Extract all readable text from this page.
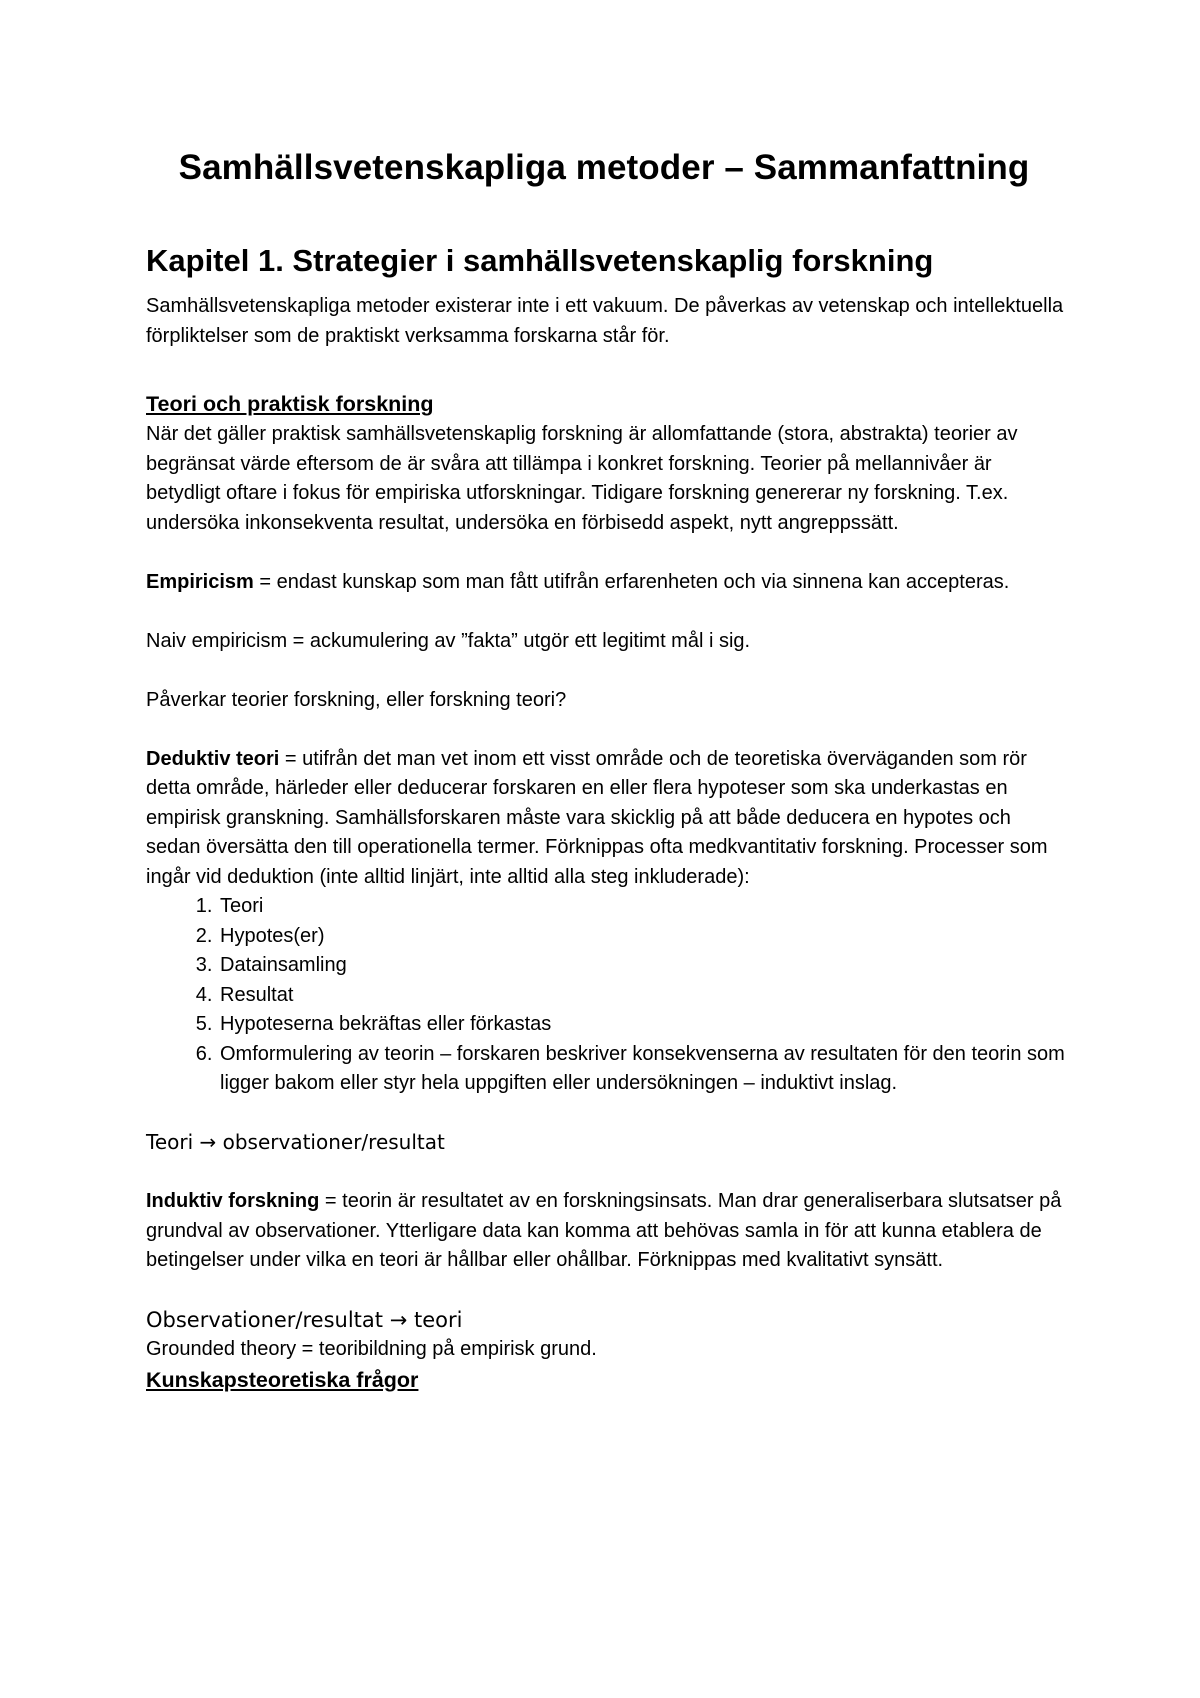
Samhällsvetenskapliga metoder – Sammanfattning
Kapitel 1. Strategier i samhällsvetenskaplig forskning

Samhällsvetenskapliga metoder existerar inte i ett vakuum. De påverkas av vetenskap och intellektuella förpliktelser som de praktiskt verksamma forskarna står för.

Teori och praktisk forskning

När det gäller praktisk samhällsvetenskaplig forskning är allomfattande (stora, abstrakta) teorier av begränsat värde eftersom de är svåra att tillämpa i konkret forskning. Teorier på mellannivåer är betydligt oftare i fokus för empiriska utforskningar. Tidigare forskning genererar ny forskning. T.ex. undersöka inkonsekventa resultat, undersöka en förbisedd aspekt, nytt angreppssätt.

Empiricism = endast kunskap som man fått utifrån erfarenheten och via sinnena kan accepteras.

Naiv empiricism = ackumulering av ”fakta” utgör ett legitimt mål i sig.

Påverkar teorier forskning, eller forskning teori?

Deduktiv teori = utifrån det man vet inom ett visst område och de teoretiska överväganden som rör detta område, härleder eller deducerar forskaren en eller flera hypoteser som ska underkastas en empirisk granskning. Samhällsforskaren måste vara skicklig på att både deducera en hypotes och sedan översätta den till operationella termer. Förknippas ofta medkvantitativ forskning. Processer som ingår vid deduktion (inte alltid linjärt, inte alltid alla steg inkluderade):

1. Teori
2. Hypotes(er)
3. Datainsamling
4. Resultat
5. Hypoteserna bekräftas eller förkastas
6. Omformulering av teorin – forskaren beskriver konsekvenserna av resultaten för den teorin som ligger bakom eller styr hela uppgiften eller undersökningen – induktivt inslag.
Teori → observationer/resultat

Induktiv forskning = teorin är resultatet av en forskningsinsats. Man drar generaliserbara slutsatser på grundval av observationer. Ytterligare data kan komma att behövas samla in för att kunna etablera de betingelser under vilka en teori är hållbar eller ohållbar. Förknippas med kvalitativt synsätt.

Observationer/resultat → teori

Grounded theory = teoribildning på empirisk grund.

Kunskapsteoretiska frågor
